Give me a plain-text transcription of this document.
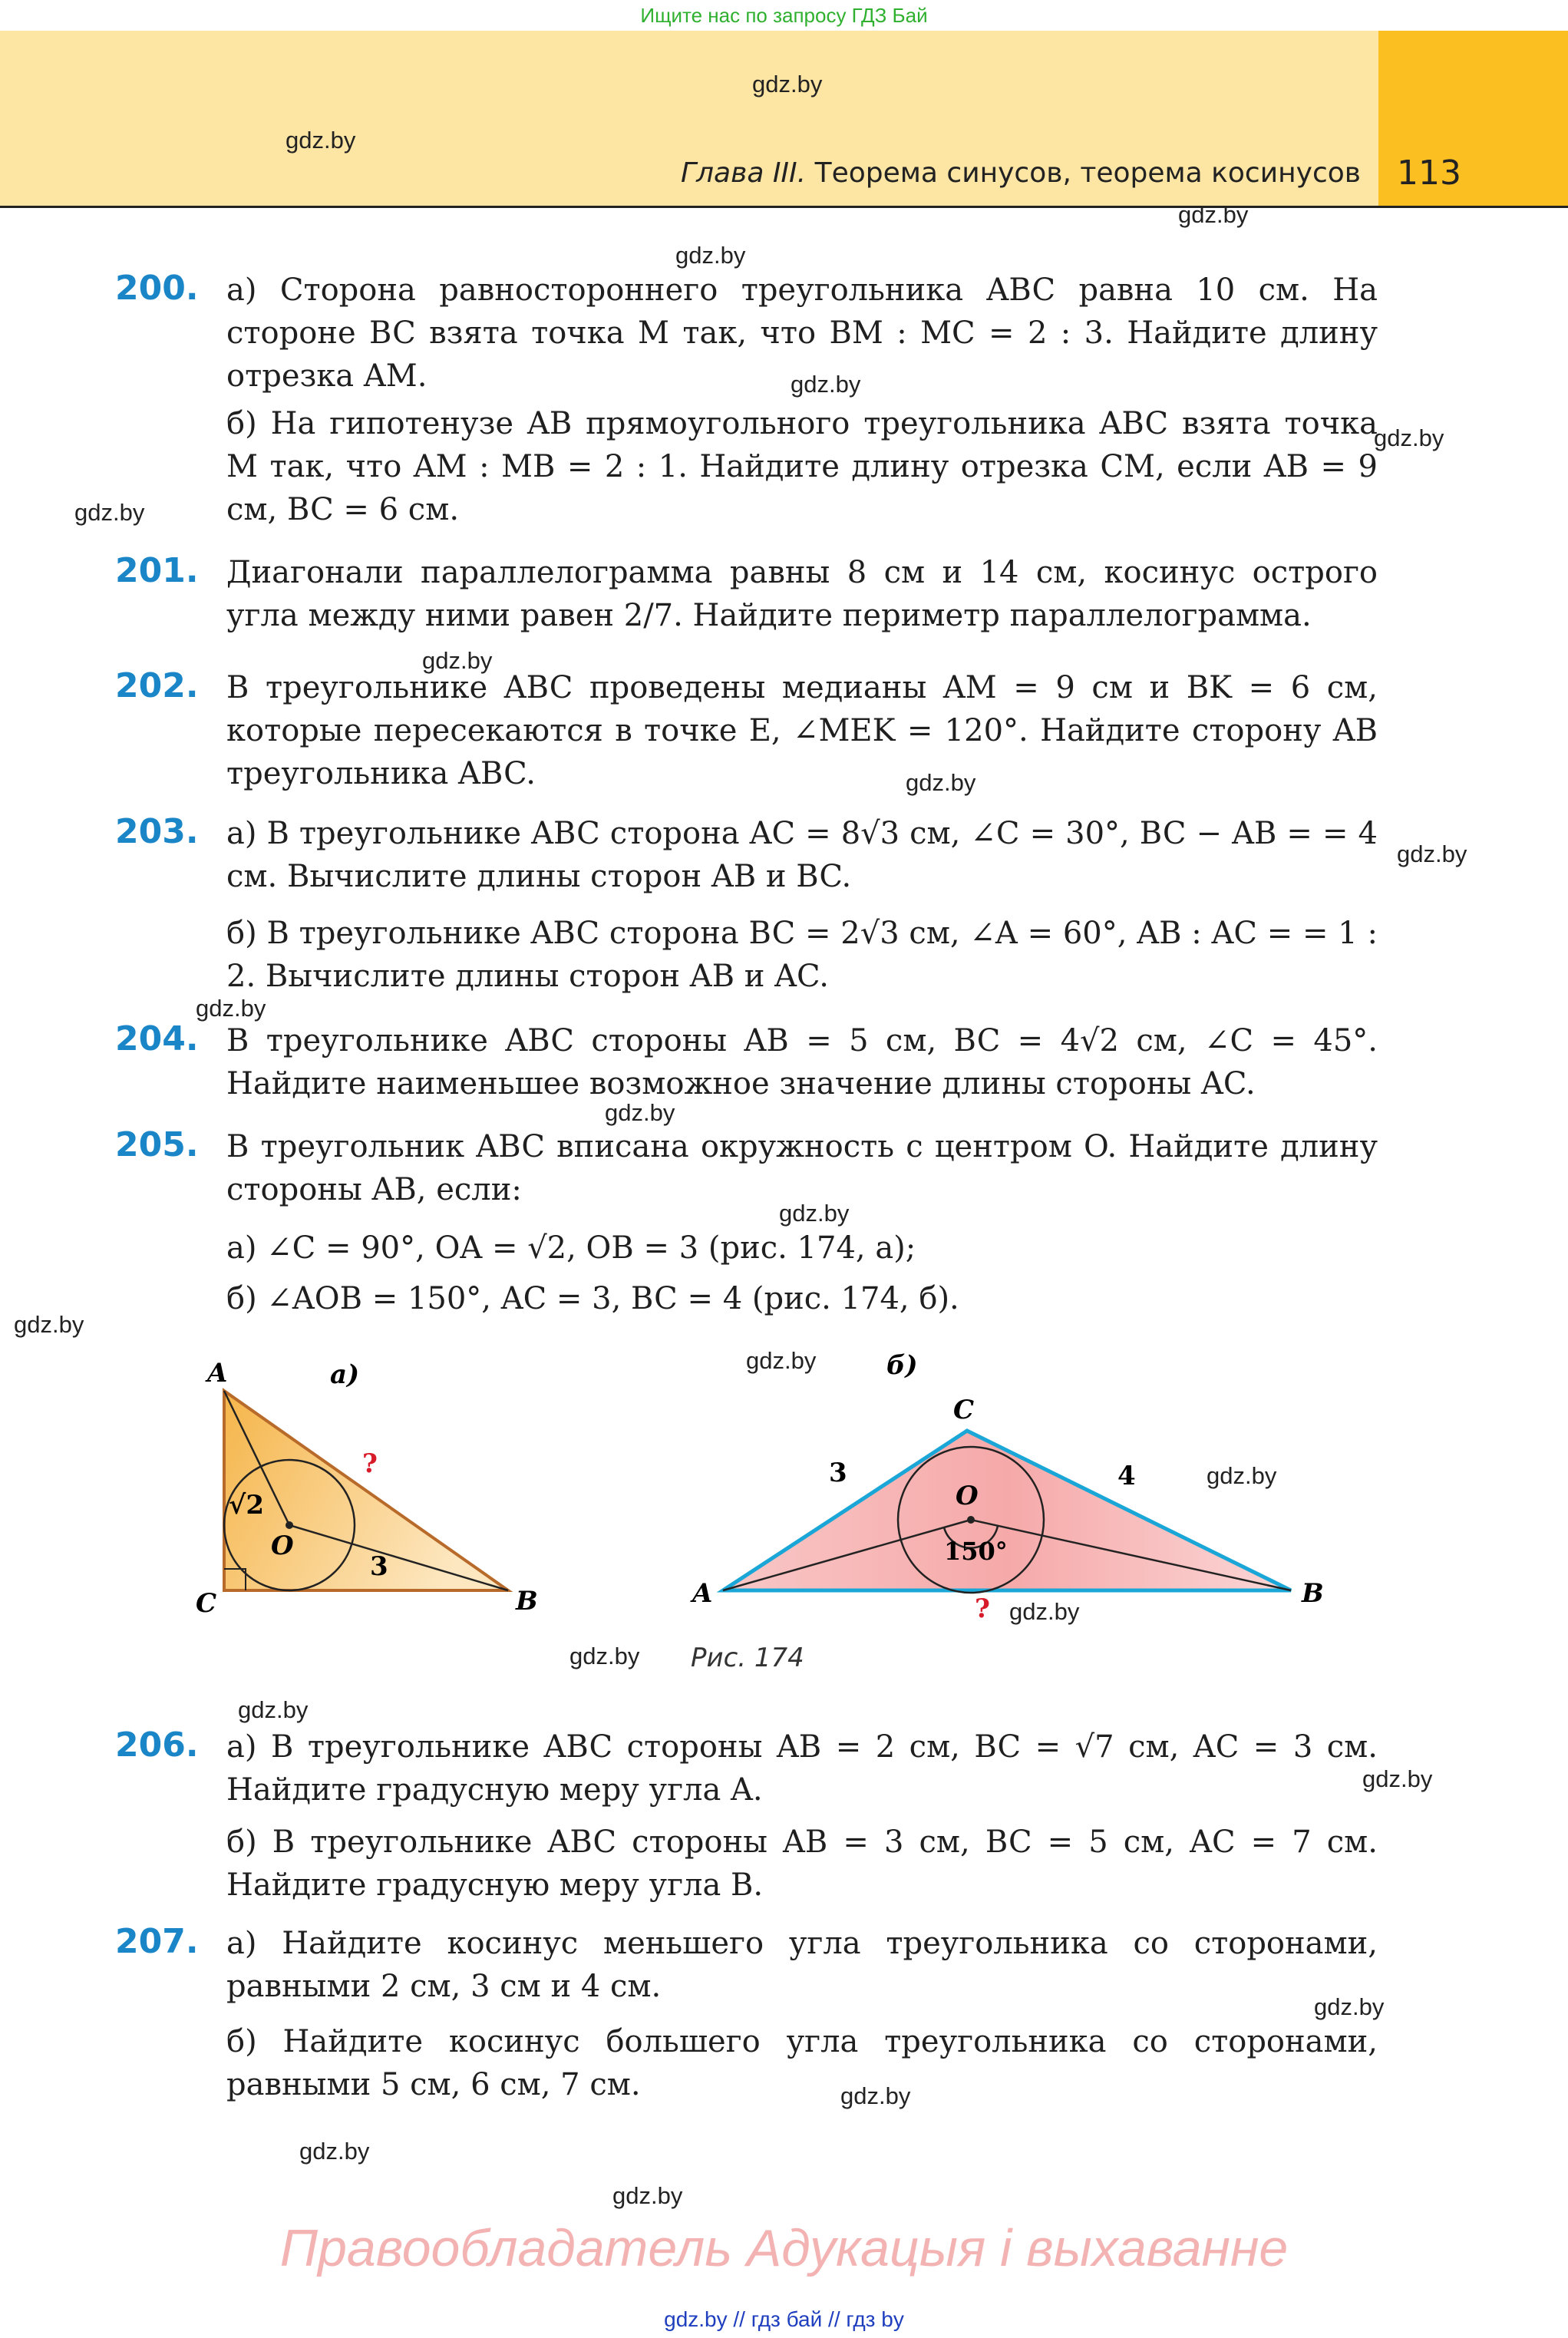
Ищите нас по запросу ГДЗ Бай
Глава III. Теорема синусов, теорема косинусов 113
gdz.by
gdz.by
gdz.by
gdz.by
gdz.by
gdz.by
gdz.by
gdz.by
gdz.by
gdz.by
gdz.by
gdz.by
gdz.by
gdz.by
gdz.by
gdz.by
gdz.by
gdz.by
gdz.by
gdz.by
gdz.by
gdz.by
gdz.by
gdz.by
200. а) Сторона равностороннего треугольника ABC равна 10 см. На стороне BC взята точка M так, что BM : MC = 2 : 3. Найдите длину отрезка AM.
б) На гипотенузе AB прямоугольного треугольника ABC взята точка M так, что AM : MB = 2 : 1. Найдите длину отрезка CM, если AB = 9 см, BC = 6 см.
201. Диагонали параллелограмма равны 8 см и 14 см, косинус острого угла между ними равен 2/7. Найдите периметр параллелограмма.
202. В треугольнике ABC проведены медианы AM = 9 см и BK = 6 см, которые пересекаются в точке E, ∠MEK = 120°. Найдите сторону AB треугольника ABC.
203. а) В треугольнике ABC сторона AC = 8√3 см, ∠C = 30°, BC − AB = = 4 см. Вычислите длины сторон AB и BC.
б) В треугольнике ABC сторона BC = 2√3 см, ∠A = 60°, AB : AC = = 1 : 2. Вычислите длины сторон AB и AC.
204. В треугольнике ABC стороны AB = 5 см, BC = 4√2 см, ∠C = 45°. Найдите наименьшее возможное значение длины стороны AC.
205. В треугольник ABC вписана окружность с центром O. Найдите длину стороны AB, если:
а) ∠C = 90°, OA = √2, OB = 3 (рис. 174, а);
б) ∠AOB = 150°, AC = 3, BC = 4 (рис. 174, б).
а)
A
C	B
O
√2
3
?
б)
C
A	B
O
3	4
150°
?
Рис. 174
206. а) В треугольнике ABC стороны AB = 2 см, BC = √7 см, AC = 3 см. Найдите градусную меру угла A.
б) В треугольнике ABC стороны AB = 3 см, BC = 5 см, AC = 7 см. Найдите градусную меру угла B.
207. а) Найдите косинус меньшего угла треугольника со сторонами, равными 2 см, 3 см и 4 см.
б) Найдите косинус большего угла треугольника со сторонами, равными 5 см, 6 см, 7 см.
Правообладатель Адукацыя і выхаванне
gdz.by // гдз бай // гдз by
